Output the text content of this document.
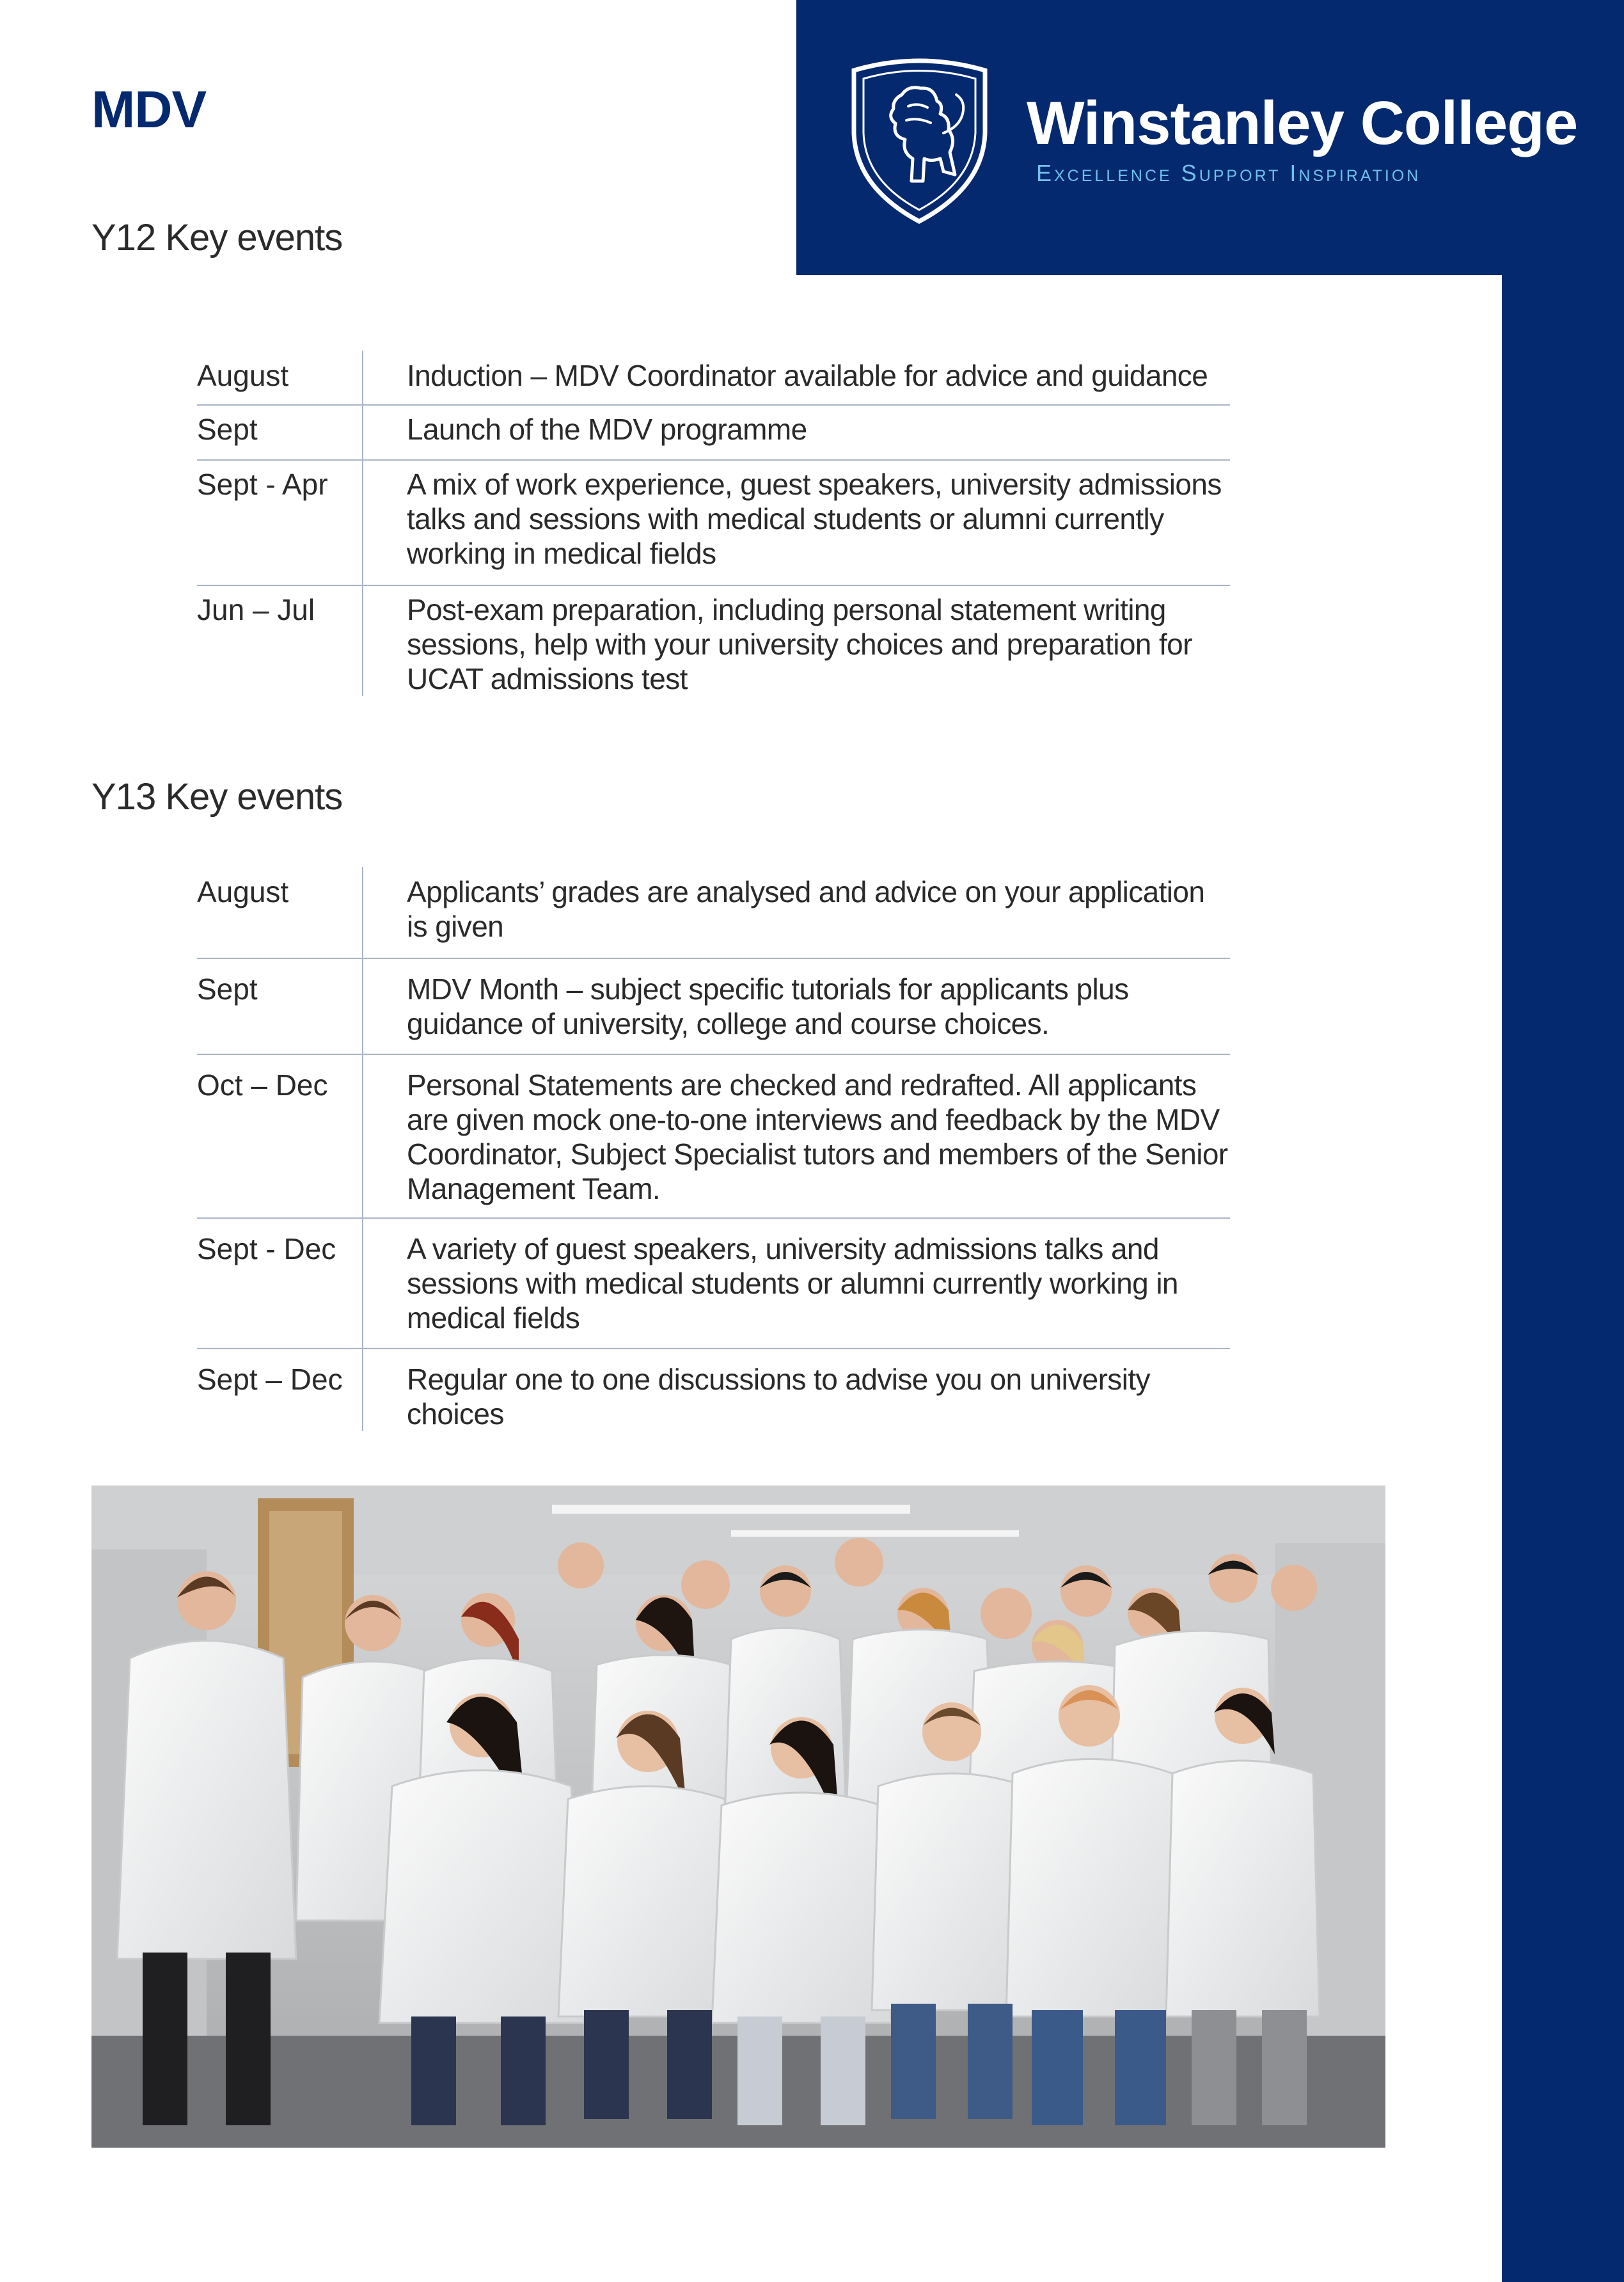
Winstanley College
Excellence Support Inspiration
MDV
Y12 Key events
August	Induction – MDV Coordinator available for advice and guidance
Sept	Launch of the MDV programme
Sept - Apr	A mix of work experience, guest speakers, university admissions talks and sessions with medical students or alumni currently working in medical fields
Jun – Jul	Post-exam preparation, including personal statement writing sessions, help with your university choices and preparation for UCAT admissions test
Y13 Key events
August	Applicants’ grades are analysed and advice on your application is given
Sept	MDV Month – subject specific tutorials for applicants plus guidance of university, college and course choices.
Oct – Dec	Personal Statements are checked and redrafted. All applicants are given mock one-to-one interviews and feedback by the MDV Coordinator, Subject Specialist tutors and members of the Senior Management Team.
Sept - Dec	A variety of guest speakers, university admissions talks and sessions with medical students or alumni currently working in medical fields
Sept – Dec	Regular one to one discussions to advise you on university choices
